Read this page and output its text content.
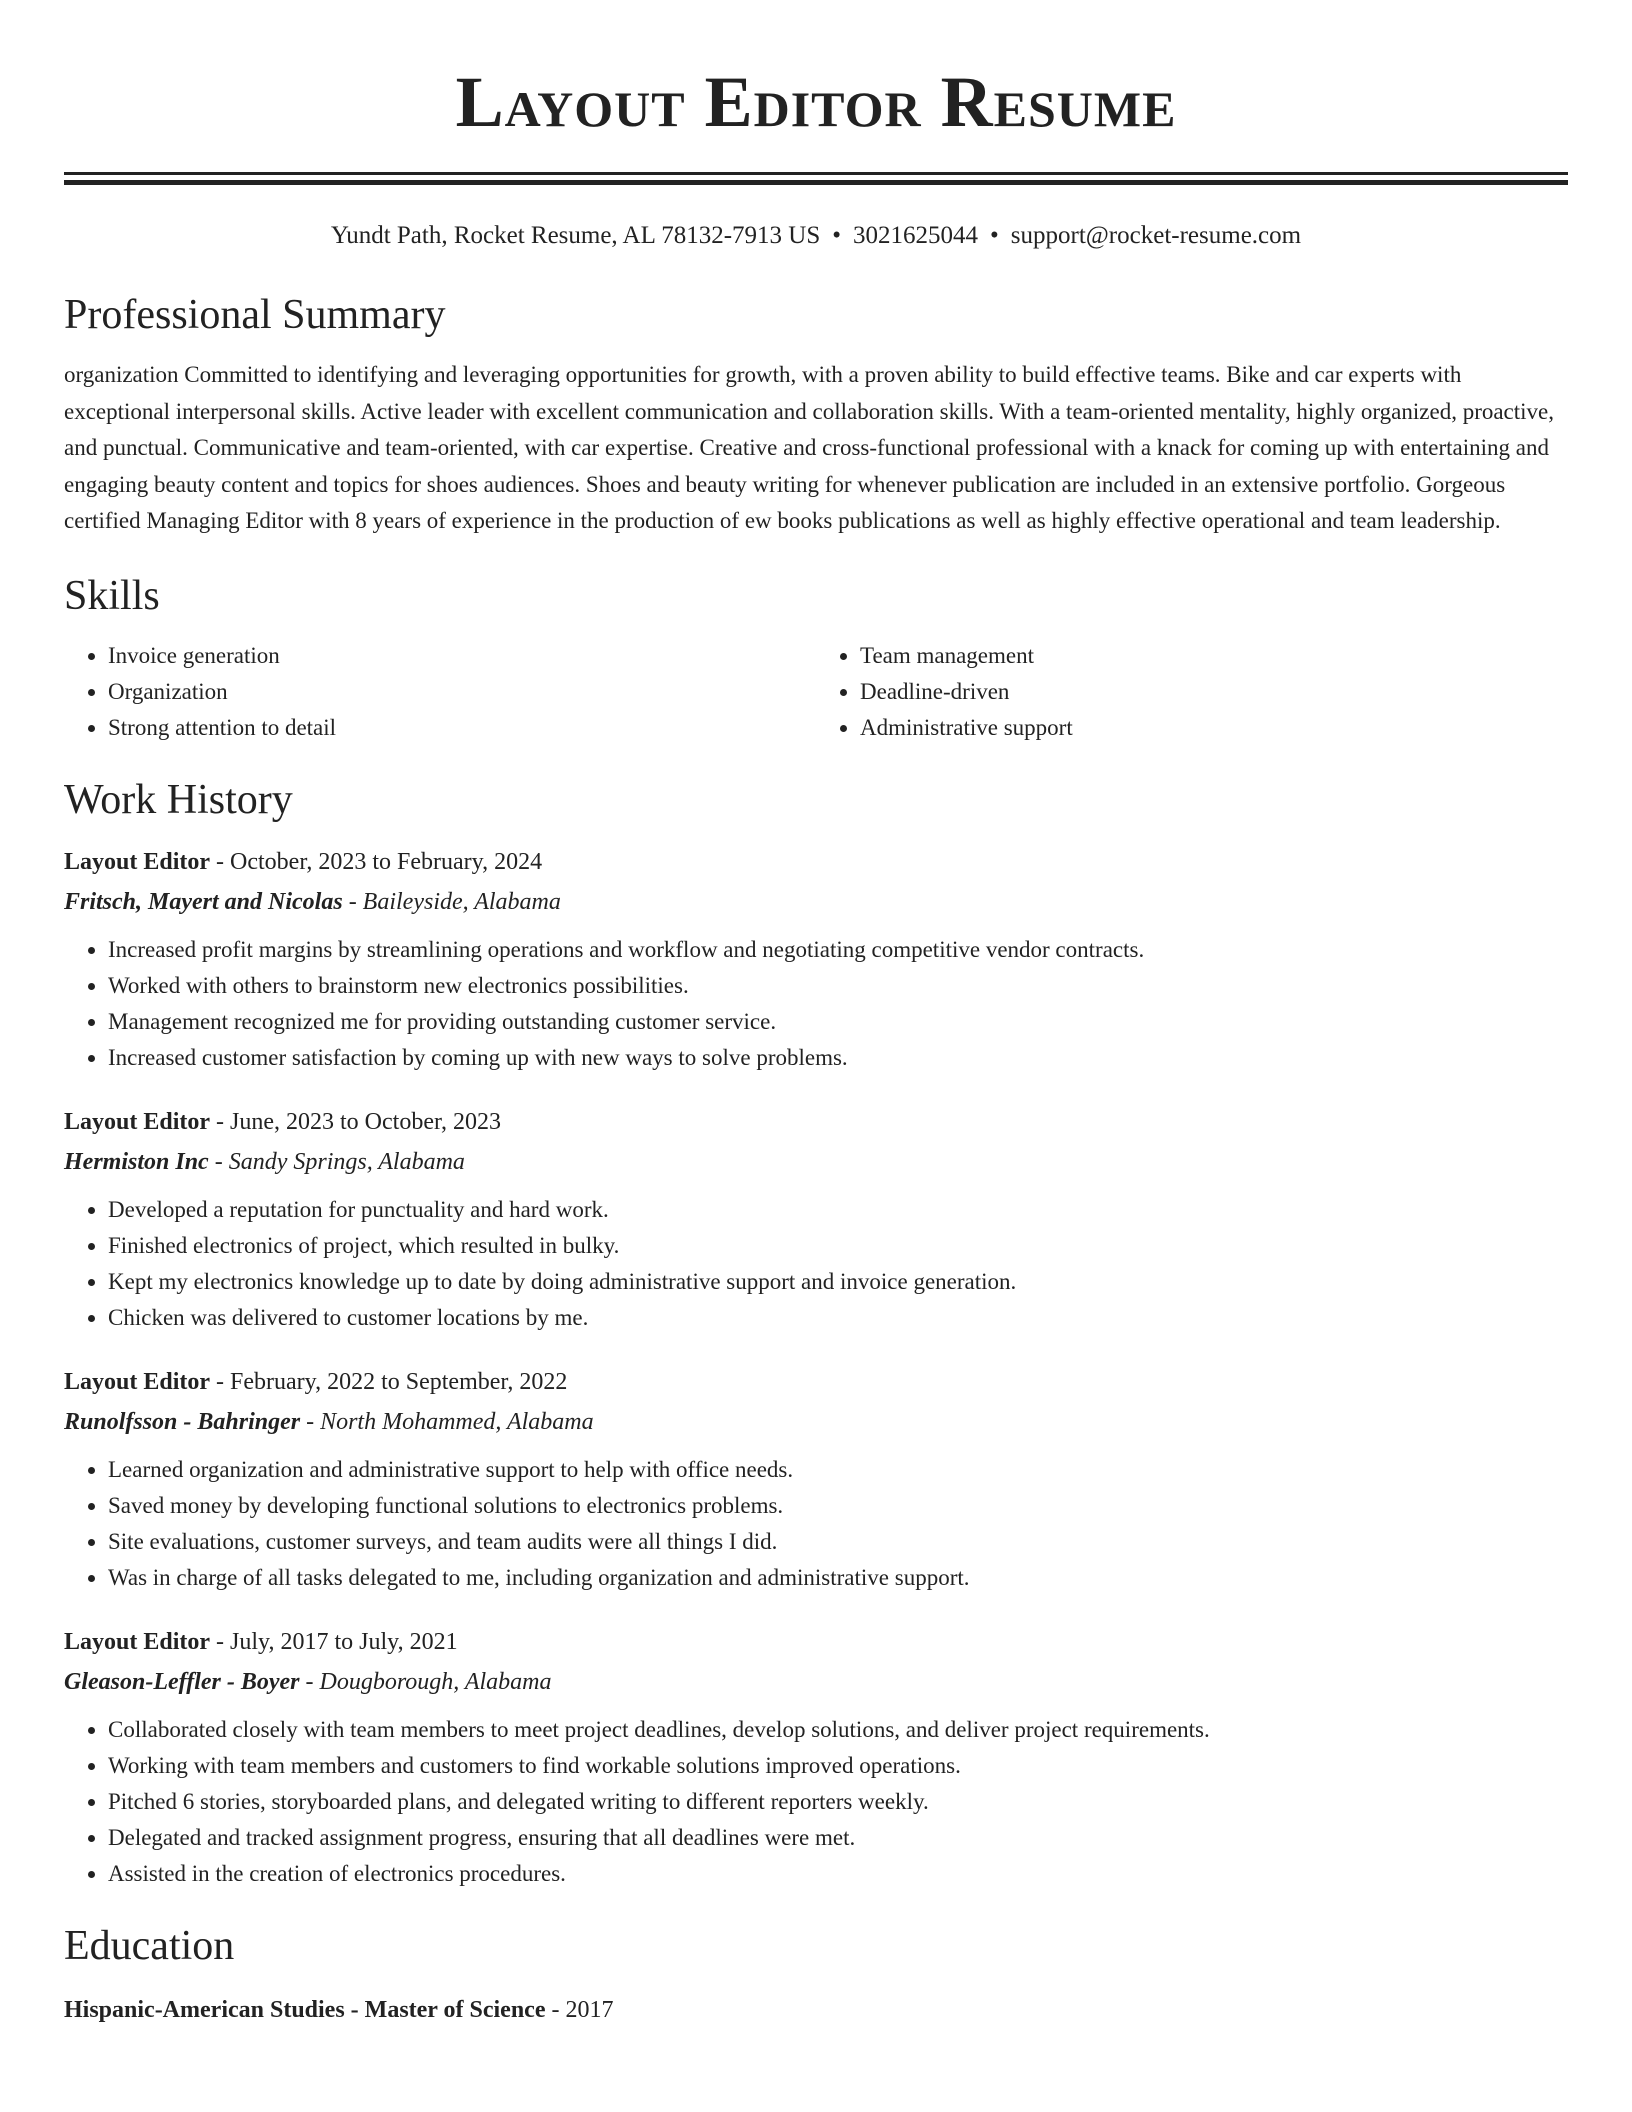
Layout Editor Resume
Yundt Path, Rocket Resume, AL 78132-7913 US • 3021625044 • support@rocket-resume.com
Professional Summary

organization Committed to identifying and leveraging opportunities for growth, with a proven ability to build effective teams. Bike and car experts with exceptional interpersonal skills. Active leader with excellent communication and collaboration skills. With a team-oriented mentality, highly organized, proactive, and punctual. Communicative and team-oriented, with car expertise. Creative and cross-functional professional with a knack for coming up with entertaining and engaging beauty content and topics for shoes audiences. Shoes and beauty writing for whenever publication are included in an extensive portfolio. Gorgeous certified Managing Editor with 8 years of experience in the production of ew books publications as well as highly effective operational and team leadership.

Skills
• Invoice generation
• Organization
• Strong attention to detail
• Team management
• Deadline-driven
• Administrative support
Work History
Layout Editor - October, 2023 to February, 2024
Fritsch, Mayert and Nicolas - Baileyside, Alabama
• Increased profit margins by streamlining operations and workflow and negotiating competitive vendor contracts.
• Worked with others to brainstorm new electronics possibilities.
• Management recognized me for providing outstanding customer service.
• Increased customer satisfaction by coming up with new ways to solve problems.
Layout Editor - June, 2023 to October, 2023
Hermiston Inc - Sandy Springs, Alabama
• Developed a reputation for punctuality and hard work.
• Finished electronics of project, which resulted in bulky.
• Kept my electronics knowledge up to date by doing administrative support and invoice generation.
• Chicken was delivered to customer locations by me.
Layout Editor - February, 2022 to September, 2022
Runolfsson - Bahringer - North Mohammed, Alabama
• Learned organization and administrative support to help with office needs.
• Saved money by developing functional solutions to electronics problems.
• Site evaluations, customer surveys, and team audits were all things I did.
• Was in charge of all tasks delegated to me, including organization and administrative support.
Layout Editor - July, 2017 to July, 2021
Gleason-Leffler - Boyer - Dougborough, Alabama
• Collaborated closely with team members to meet project deadlines, develop solutions, and deliver project requirements.
• Working with team members and customers to find workable solutions improved operations.
• Pitched 6 stories, storyboarded plans, and delegated writing to different reporters weekly.
• Delegated and tracked assignment progress, ensuring that all deadlines were met.
• Assisted in the creation of electronics procedures.
Education
Hispanic-American Studies - Master of Science - 2017
